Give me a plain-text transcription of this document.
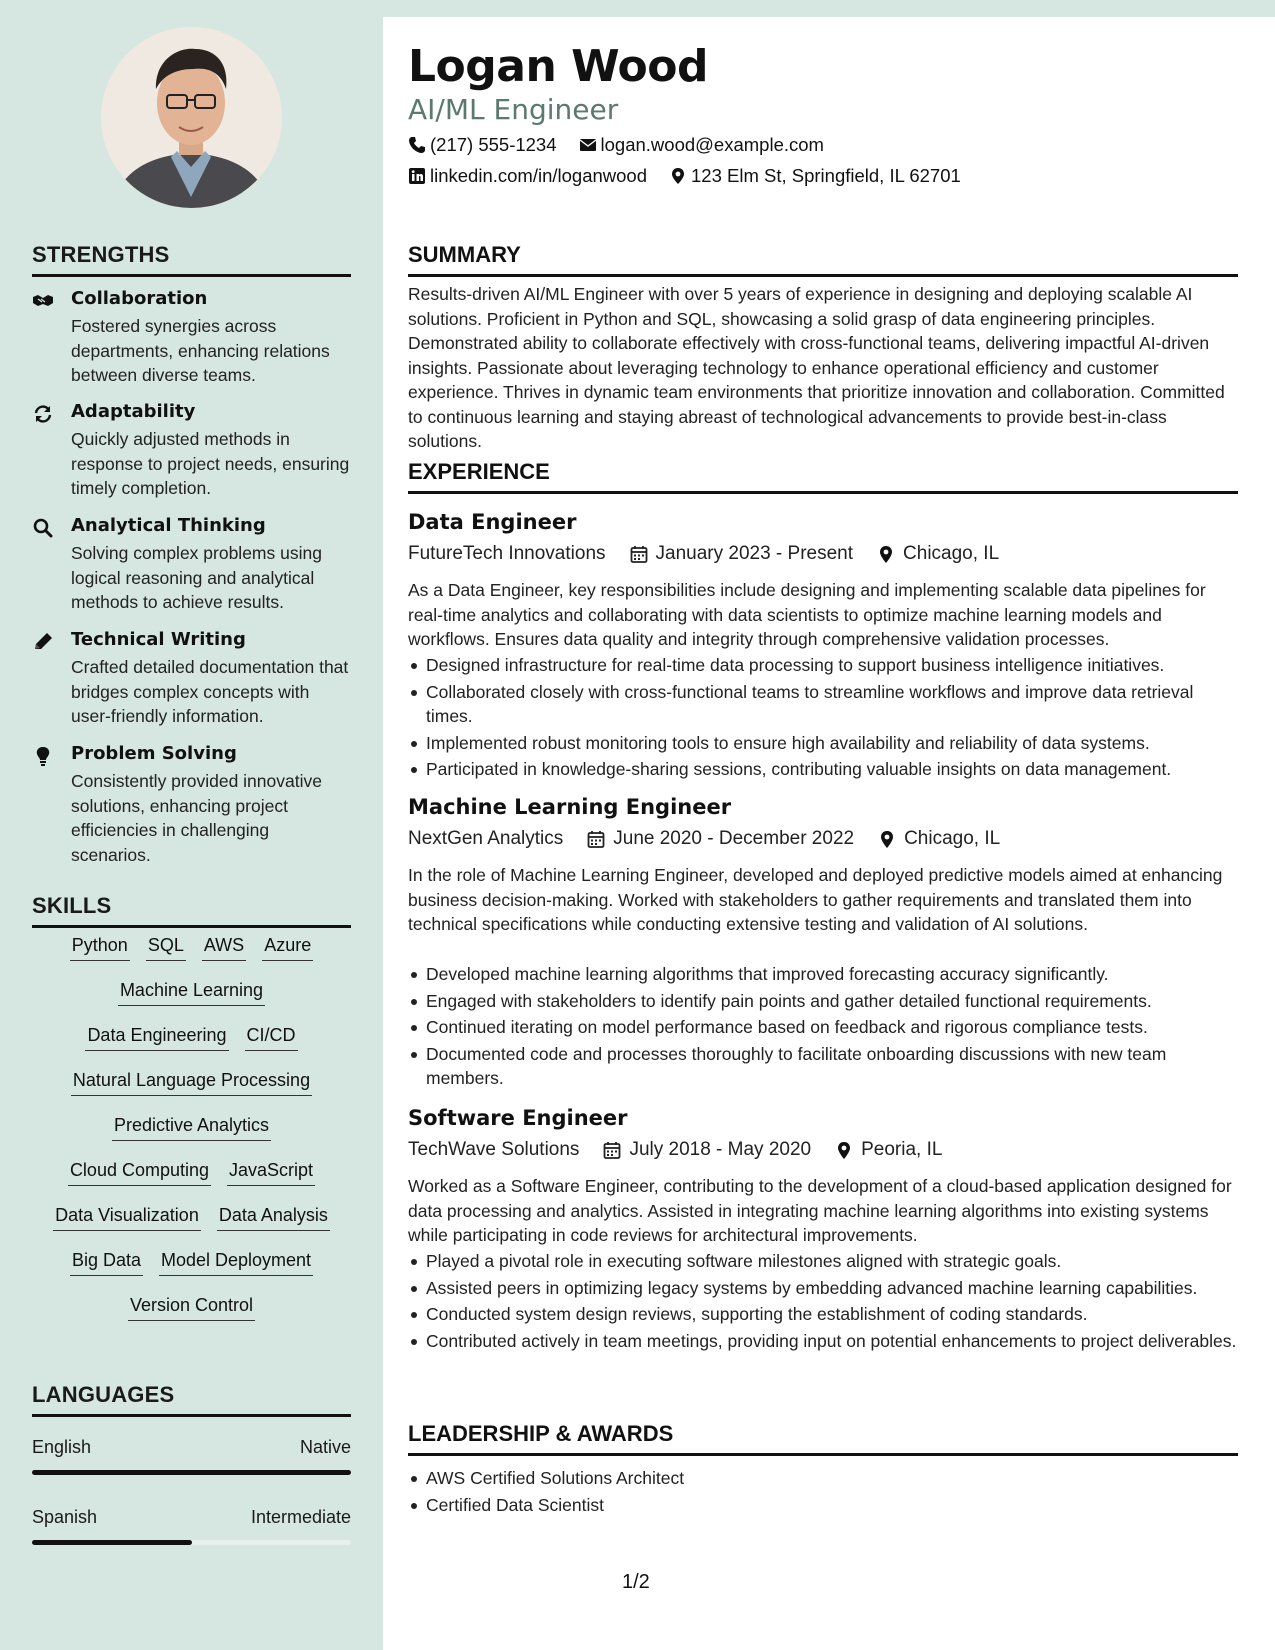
STRENGTHS
Collaboration
Fostered synergies across departments, enhancing relations between diverse teams.
Adaptability
Quickly adjusted methods in response to project needs, ensuring timely completion.
Analytical Thinking
Solving complex problems using logical reasoning and analytical methods to achieve results.
Technical Writing
Crafted detailed documentation that bridges complex concepts with user-friendly information.
Problem Solving
Consistently provided innovative solutions, enhancing project efficiencies in challenging scenarios.
SKILLS
Python SQL AWS Azure
Machine Learning
Data Engineering CI/CD
Natural Language Processing
Predictive Analytics
Cloud Computing JavaScript
Data Visualization Data Analysis
Big Data Model Deployment
Version Control
LANGUAGES
English	Native
Spanish	Intermediate
Logan Wood
AI/ML Engineer
(217) 555-1234 logan.wood@example.com
linkedin.com/in/loganwood 123 Elm St, Springfield, IL 62701
SUMMARY
Results-driven AI/ML Engineer with over 5 years of experience in designing and deploying scalable AI solutions. Proficient in Python and SQL, showcasing a solid grasp of data engineering principles. Demonstrated ability to collaborate effectively with cross-functional teams, delivering impactful AI-driven insights. Passionate about leveraging technology to enhance operational efficiency and customer experience. Thrives in dynamic team environments that prioritize innovation and collaboration. Committed to continuous learning and staying abreast of technological advancements to provide best-in-class solutions.
EXPERIENCE
Data Engineer
FutureTech Innovations	January 2023 - Present	Chicago, IL
As a Data Engineer, key responsibilities include designing and implementing scalable data pipelines for real-time analytics and collaborating with data scientists to optimize machine learning models and workflows. Ensures data quality and integrity through comprehensive validation processes.
Designed infrastructure for real-time data processing to support business intelligence initiatives.
Collaborated closely with cross-functional teams to streamline workflows and improve data retrieval times.
Implemented robust monitoring tools to ensure high availability and reliability of data systems.
Participated in knowledge-sharing sessions, contributing valuable insights on data management.
Machine Learning Engineer
NextGen Analytics	June 2020 - December 2022	Chicago, IL
In the role of Machine Learning Engineer, developed and deployed predictive models aimed at enhancing business decision-making. Worked with stakeholders to gather requirements and translated them into technical specifications while conducting extensive testing and validation of AI solutions.
Developed machine learning algorithms that improved forecasting accuracy significantly.
Engaged with stakeholders to identify pain points and gather detailed functional requirements.
Continued iterating on model performance based on feedback and rigorous compliance tests.
Documented code and processes thoroughly to facilitate onboarding discussions with new team members.
Software Engineer
TechWave Solutions	July 2018 - May 2020	Peoria, IL
Worked as a Software Engineer, contributing to the development of a cloud-based application designed for data processing and analytics. Assisted in integrating machine learning algorithms into existing systems while participating in code reviews for architectural improvements.
Played a pivotal role in executing software milestones aligned with strategic goals.
Assisted peers in optimizing legacy systems by embedding advanced machine learning capabilities.
Conducted system design reviews, supporting the establishment of coding standards.
Contributed actively in team meetings, providing input on potential enhancements to project deliverables.
LEADERSHIP & AWARDS
AWS Certified Solutions Architect
Certified Data Scientist
1/2
